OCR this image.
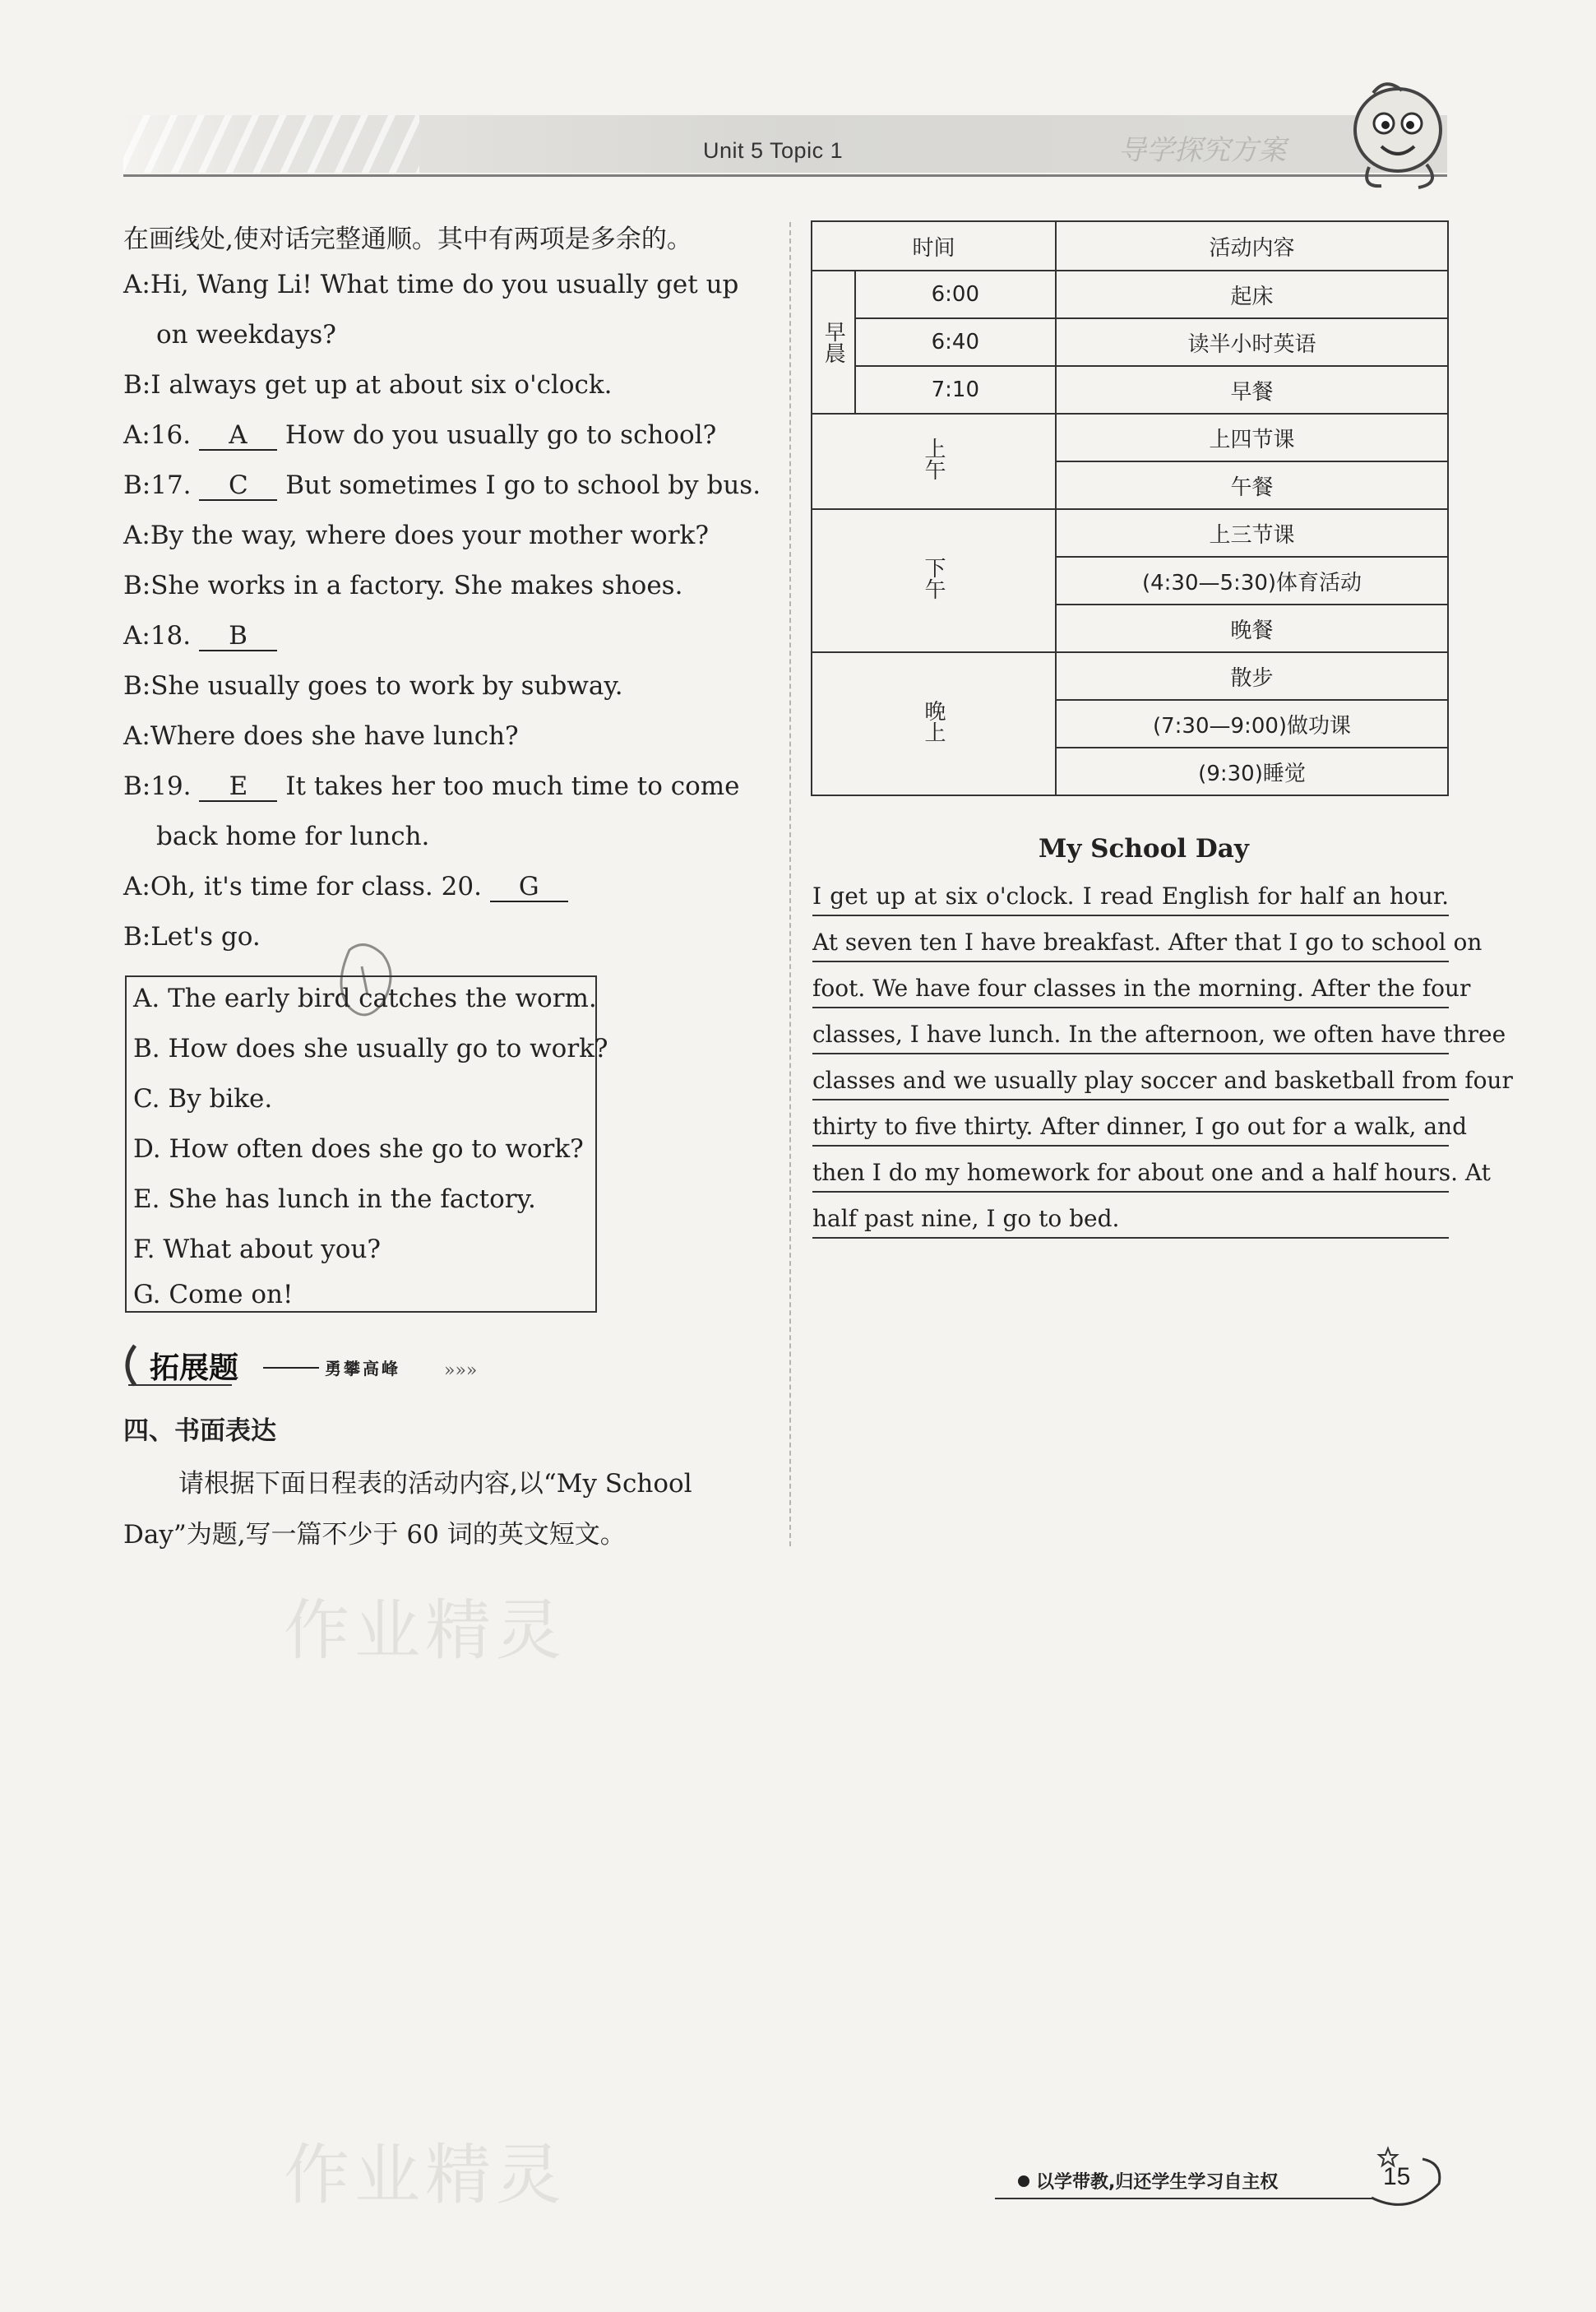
Unit 5 Topic 1	导学探究方案
在画线处,使对话完整通顺。其中有两项是多余的。
A:Hi, Wang Li! What time do you usually get up
on weekdays?
B:I always get up at about six o'clock.
A:16. A How do you usually go to school?
B:17. C But sometimes I go to school by bus.
A:By the way, where does your mother work?
B:She works in a factory. She makes shoes.
A:18. B
B:She usually goes to work by subway.
A:Where does she have lunch?
B:19. E It takes her too much time to come
back home for lunch.
A:Oh, it's time for class. 20. G
B:Let's go.
A. The early bird catches the worm.
B. How does she usually go to work?
C. By bike.
D. How often does she go to work?
E. She has lunch in the factory.
F. What about you?
G. Come on!
拓展题	勇攀高峰 »»»
四、书面表达
请根据下面日程表的活动内容,以“My School
Day”为题,写一篇不少于 60 词的英文短文。
作业精灵
作业精灵
时间		活动内容
早晨	6:00	起床
	6:40	读半小时英语
	7:10	早餐
上午		上四节课
		午餐
下午		上三节课
		(4:30—5:30)体育活动
		晚餐
晚上		散步
		(7:30—9:00)做功课
		(9:30)睡觉
My School Day
I get up at six o'clock. I read English for half an hour.
At seven ten I have breakfast. After that I go to school on
foot. We have four classes in the morning. After the four
classes, I have lunch. In the afternoon, we often have three
classes and we usually play soccer and basketball from four
thirty to five thirty. After dinner, I go out for a walk, and
then I do my homework for about one and a half hours. At
half past nine, I go to bed.
以学带教,归还学生学习自主权	15
